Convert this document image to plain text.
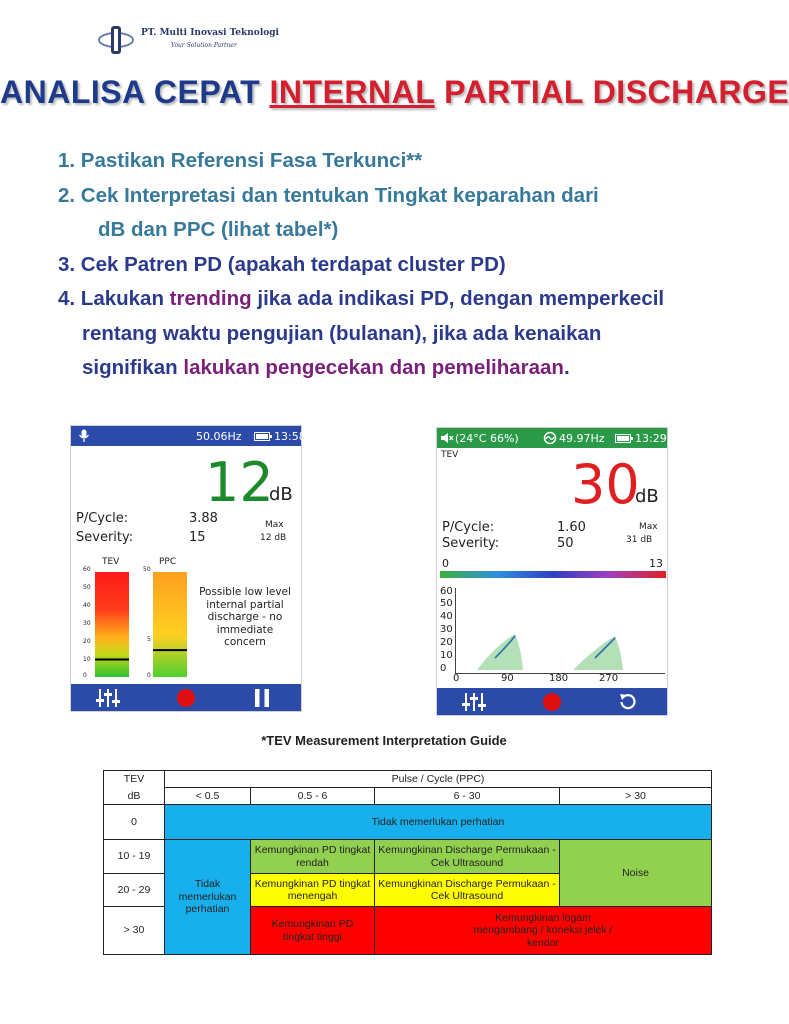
PT. Multi Inovasi Teknologi
Your Solution Partner
ANALISA CEPAT INTERNAL PARTIAL DISCHARGE
1. Pastikan Referensi Fasa Terkunci**
2. Cek Interpretasi dan tentukan Tingkat keparahan dari
dB dan PPC (lihat tabel*)
3. Cek Patren PD (apakah terdapat cluster PD)
4. Lakukan trending jika ada indikasi PD, dengan memperkecil
rentang waktu pengujian (bulanan), jika ada kenaikan
signifikan lakukan pengecekan dan pemeliharaan.
50.06Hz	13:58
12
dB
P/Cycle:	3.88
Severity:	15
Max
12 dB
TEV	PPC
60
50
40
30
20
10
0
50
5
0
Possible low level
internal partial
discharge - no
immediate
concern
(24°C 66%)	49.97Hz	13:29
TEV 30
dB
P/Cycle:	1.60
Severity:	50
Max
31 dB
0	13
60
50
40
30
20
10
0
0	90	180	270
*TEV Measurement Interpretation Guide
TEV	Pulse / Cycle (PPC)			
dB	< 0.5	0.5 - 6	6 - 30	> 30
0	Tidak memerlukan perhatian			
10 - 19	Tidak memerlukan perhatian	Kemungkinan PD tingkat rendah	Kemungkinan Discharge Permukaan - Cek Ultrasound	Noise
20 - 29		Kemungkinan PD tingkat menengah	Kemungkinan Discharge Permukaan - Cek Ultrasound	
> 30		Kemungkinan PD tingkat tinggi	Kemungkinan logam mengambang / koneksi jelek / kendor	
